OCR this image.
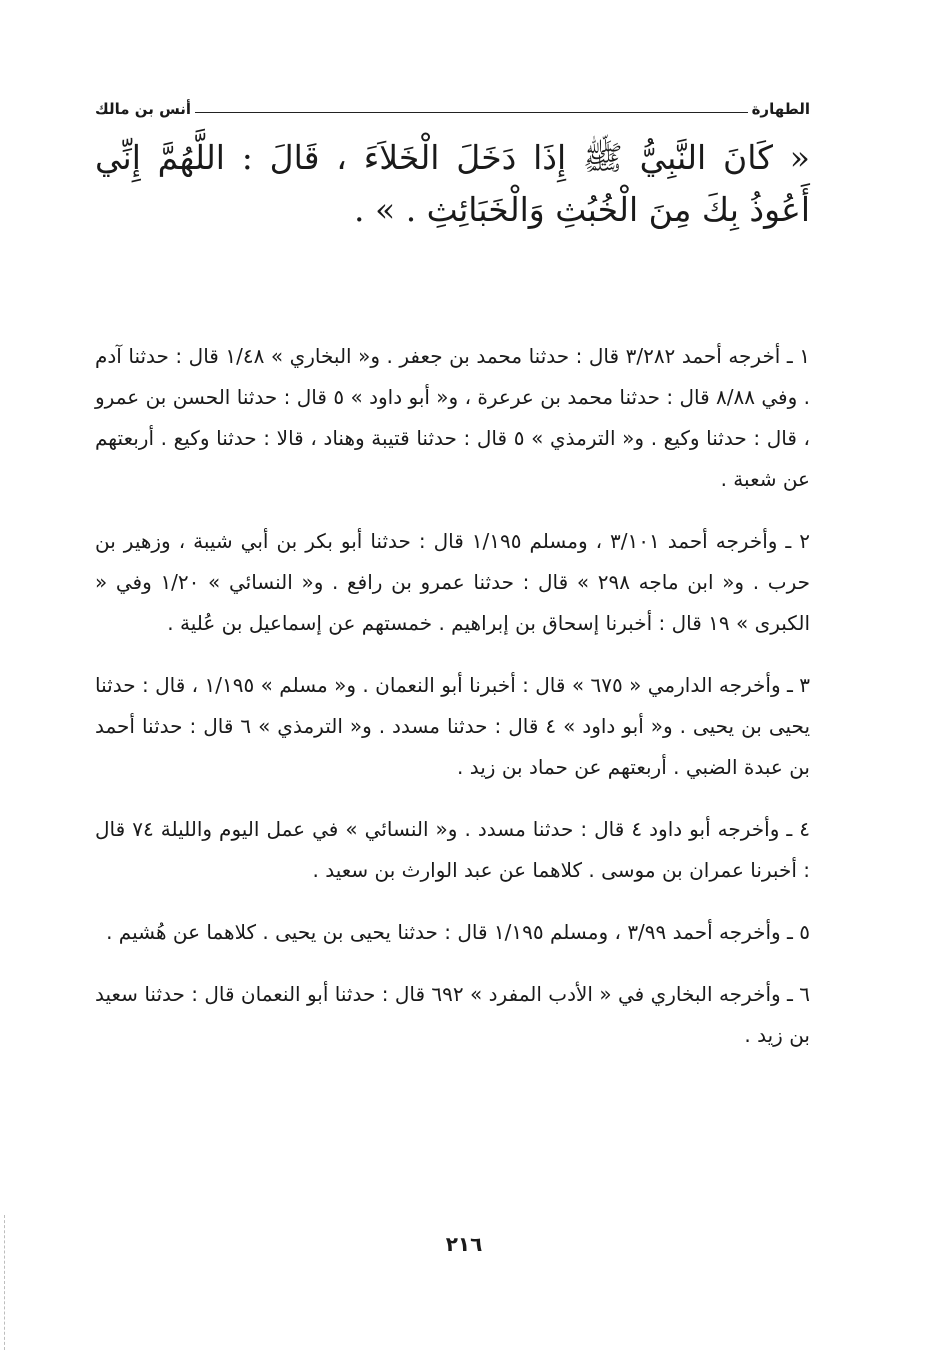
الطهارة
أنس بن مالك
« كَانَ النَّبِيُّ ﷺ إِذَا دَخَلَ الْخَلاَءَ ، قَالَ : اللَّهُمَّ إِنِّي أَعُوذُ بِكَ مِنَ الْخُبُثِ وَالْخَبَائِثِ . » .

١ ـ أخرجه أحمد ٣/٢٨٢ قال : حدثنا محمد بن جعفر . و« البخاري » ١/٤٨ قال : حدثنا آدم . وفي ٨/٨٨ قال : حدثنا محمد بن عرعرة ، و« أبو داود » ٥ قال : حدثنا الحسن بن عمرو ، قال : حدثنا وكيع . و« الترمذي » ٥ قال : حدثنا قتيبة وهناد ، قالا : حدثنا وكيع . أربعتهم عن شعبة .

٢ ـ وأخرجه أحمد ٣/١٠١ ، ومسلم ١/١٩٥ قال : حدثنا أبو بكر بن أبي شيبة ، وزهير بن حرب . و« ابن ماجه ٢٩٨ » قال : حدثنا عمرو بن رافع . و« النسائي » ١/٢٠ وفي « الكبرى » ١٩ قال : أخبرنا إسحاق بن إبراهيم . خمستهم عن إسماعيل بن عُلية .

٣ ـ وأخرجه الدارمي « ٦٧٥ » قال : أخبرنا أبو النعمان . و« مسلم » ١/١٩٥ ، قال : حدثنا يحيى بن يحيى . و« أبو داود » ٤ قال : حدثنا مسدد . و« الترمذي » ٦ قال : حدثنا أحمد بن عبدة الضبي . أربعتهم عن حماد بن زيد .

٤ ـ وأخرجه أبو داود ٤ قال : حدثنا مسدد . و« النسائي » في عمل اليوم والليلة ٧٤ قال : أخبرنا عمران بن موسى . كلاهما عن عبد الوارث بن سعيد .

٥ ـ وأخرجه أحمد ٣/٩٩ ، ومسلم ١/١٩٥ قال : حدثنا يحيى بن يحيى . كلاهما عن هُشيم .

٦ ـ وأخرجه البخاري في « الأدب المفرد » ٦٩٢ قال : حدثنا أبو النعمان قال : حدثنا سعيد بن زيد .

٢١٦
